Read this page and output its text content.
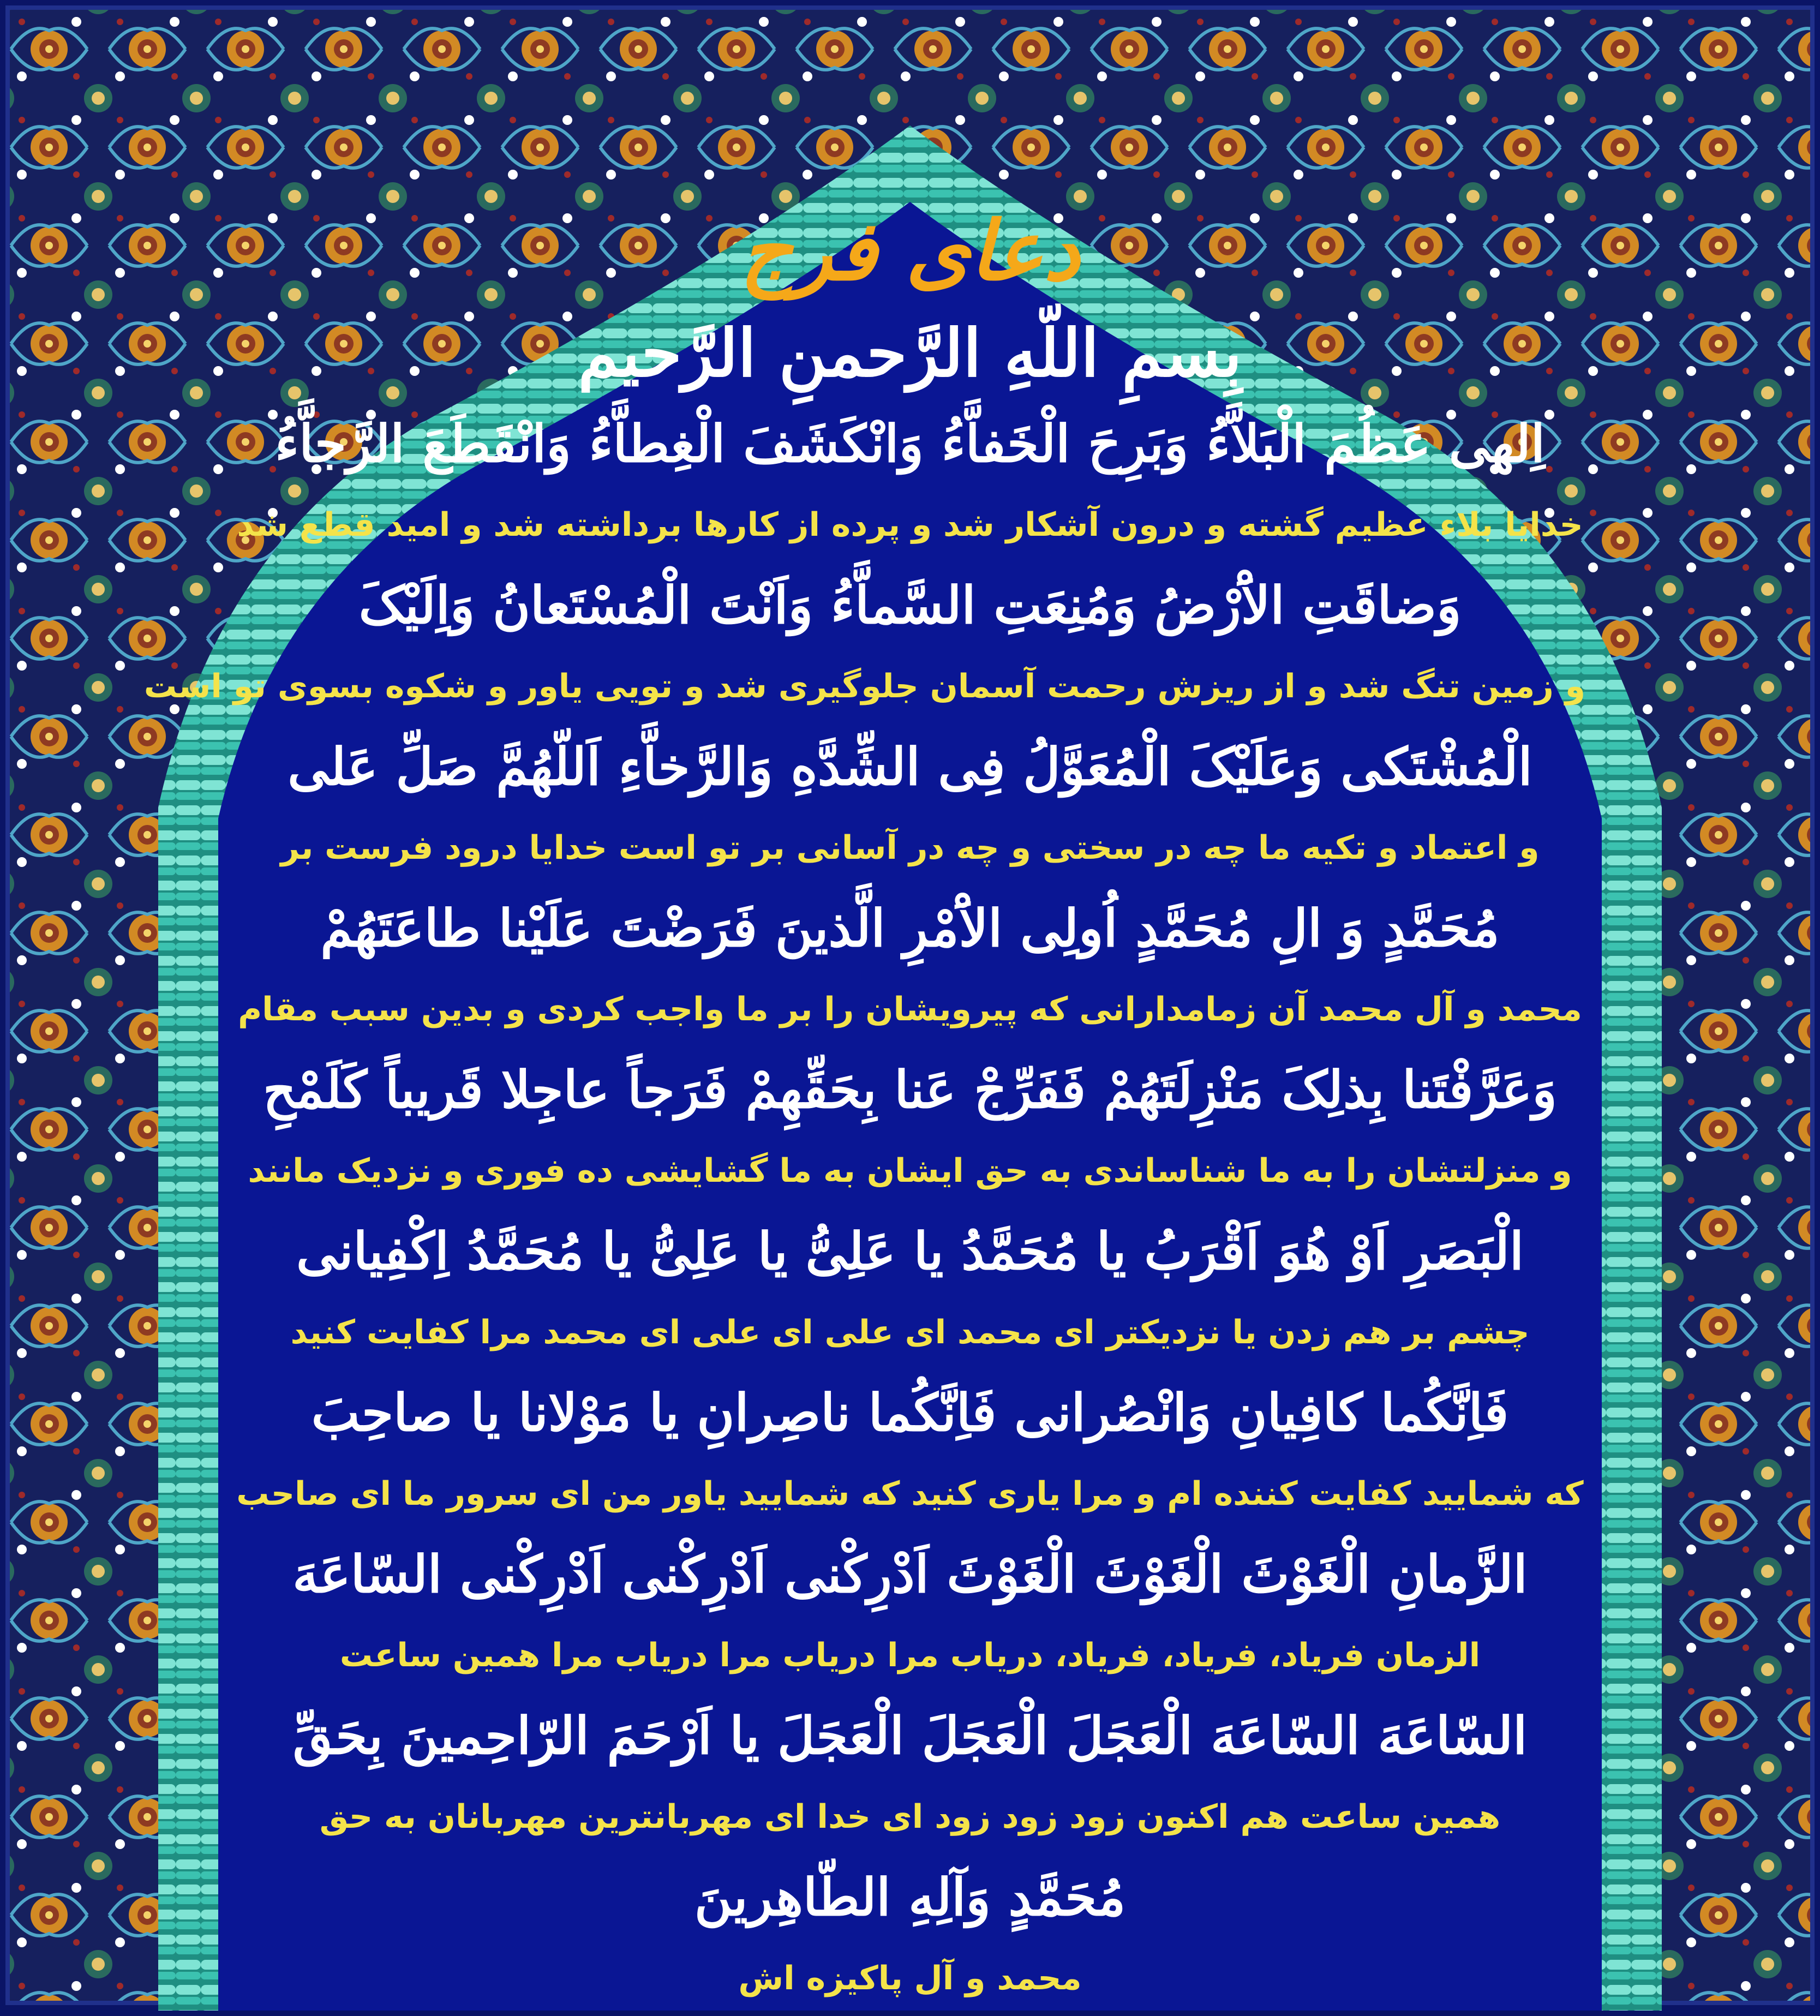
دعای فرج

بِسمِ اللّهِ الرَّحمنِ الرَّحیم

اِلهی عَظُمَ الْبَلاَّءُ وَبَرِحَ الْخَفاَّءُ وَانْکَشَفَ الْغِطاَّءُ وَانْقَطَعَ الرَّجاَّءُ

خدایا بلاء عظیم گشته و درون آشکار شد و پرده از کارها برداشته شد و امید قطع شد

وَضاقَتِ الاَْرْضُ وَمُنِعَتِ السَّماَّءُ وَاَنْتَ الْمُسْتَعانُ وَاِلَیْکَ

و زمین تنگ شد و از ریزش رحمت آسمان جلوگیری شد و تویی یاور و شکوه بسوی تو است

الْمُشْتَکی وَعَلَیْکَ الْمُعَوَّلُ فِی الشِّدَّهِ وَالرَّخاَّءِ اَللّهُمَّ صَلِّ عَلی

و اعتماد و تکیه ما چه در سختی و چه در آسانی بر تو است خدایا درود فرست بر

مُحَمَّدٍ وَ الِ مُحَمَّدٍ اُولِی الاَْمْرِ الَّذینَ فَرَضْتَ عَلَیْنا طاعَتَهُمْ

محمد و آل محمد آن زمامدارانی که پیرویشان را بر ما واجب کردی و بدین سبب مقام

وَعَرَّفْتَنا بِذلِکَ مَنْزِلَتَهُمْ فَفَرِّجْ عَنا بِحَقِّهِمْ فَرَجاً عاجِلا قَریباً کَلَمْحِ

و منزلتشان را به ما شناساندی به حق ایشان به ما گشایشی ده فوری و نزدیک مانند

الْبَصَرِ اَوْ هُوَ اَقْرَبُ یا مُحَمَّدُ یا عَلِیُّ یا عَلِیُّ یا مُحَمَّدُ اِکْفِیانی

چشم بر هم زدن یا نزدیکتر ای محمد ای علی ای علی ای محمد مرا کفایت کنید

فَاِنَّکُما کافِیانِ وَانْصُرانی فَاِنَّکُما ناصِرانِ یا مَوْلانا یا صاحِبَ

که شمایید کفایت کننده ام و مرا یاری کنید که شمایید یاور من ای سرور ما ای صاحب

الزَّمانِ الْغَوْثَ الْغَوْثَ الْغَوْثَ اَدْرِکْنی اَدْرِکْنی اَدْرِکْنی السّاعَهَ

الزمان فریاد، فریاد، فریاد، دریاب مرا دریاب مرا دریاب مرا همین ساعت

السّاعَهَ السّاعَهَ الْعَجَلَ الْعَجَلَ الْعَجَلَ یا اَرْحَمَ الرّاحِمینَ بِحَقِّ

همین ساعت هم اکنون زود زود زود ای خدا ای مهربانترین مهربانان به حق

مُحَمَّدٍ وَآلِهِ الطّاهِرینَ

محمد و آل پاکیزه اش
